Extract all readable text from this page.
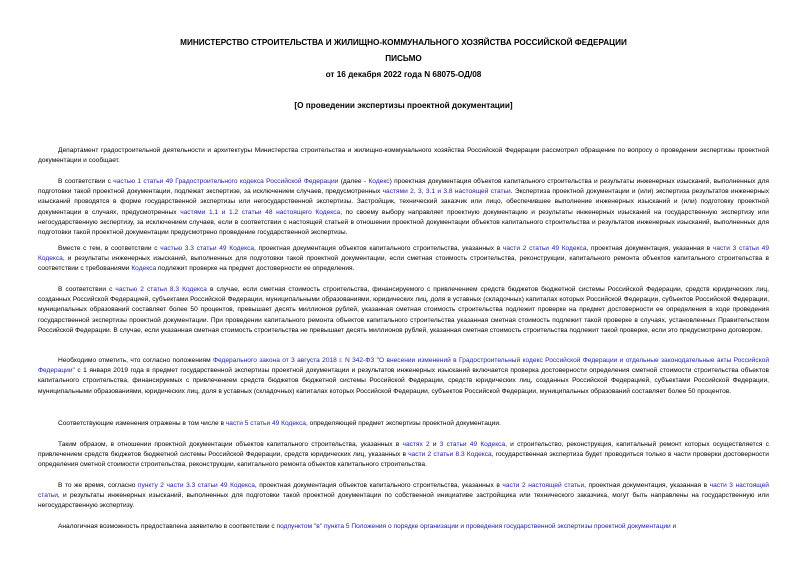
МИНИСТЕРСТВО СТРОИТЕЛЬСТВА И ЖИЛИЩНО-КОММУНАЛЬНОГО ХОЗЯЙСТВА РОССИЙСКОЙ ФЕДЕРАЦИИ
ПИСЬМО
от 16 декабря 2022 года N 68075-ОД/08
[О проведении экспертизы проектной документации]

Департамент градостроительной деятельности и архитектуры Министерства строительства и жилищно-коммунального хозяйства Российской Федерации рассмотрел обращение по вопросу о проведении экспертизы проектной документации и сообщает.

В соответствии с частью 1 статьи 49 Градостроительного кодекса Российской Федерации (далее - Кодекс) проектная документация объектов капитального строительства и результаты инженерных изысканий, выполненных для подготовки такой проектной документации, подлежат экспертизе, за исключением случаев, предусмотренных частями 2, 3, 3.1 и 3.8 настоящей статьи. Экспертиза проектной документации и (или) экспертиза результатов инженерных изысканий проводятся в форме государственной экспертизы или негосударственной экспертизы. Застройщик, технический заказчик или лицо, обеспечившее выполнение инженерных изысканий и (или) подготовку проектной документации в случаях, предусмотренных частями 1.1 и 1.2 статьи 48 настоящего Кодекса, по своему выбору направляет проектную документацию и результаты инженерных изысканий на государственную экспертизу или негосударственную экспертизу, за исключением случаев, если в соответствии с настоящей статьей в отношении проектной документации объектов капитального строительства и результатов инженерных изысканий, выполненных для подготовки такой проектной документации предусмотрено проведение государственной экспертизы.

Вместе с тем, в соответствии с частью 3.3 статьи 49 Кодекса, проектная документация объектов капитального строительства, указанных в части 2 статьи 49 Кодекса, проектная документация, указанная в части 3 статьи 49 Кодекса, и результаты инженерных изысканий, выполненных для подготовки такой проектной документации, если сметная стоимость строительства, реконструкции, капитального ремонта объектов капитального строительства в соответствии с требованиями Кодекса подлежит проверке на предмет достоверности ее определения.

В соответствии с частью 2 статьи 8.3 Кодекса в случае, если сметная стоимость строительства, финансируемого с привлечением средств бюджетов бюджетной системы Российской Федерации, средств юридических лиц, созданных Российской Федерацией, субъектами Российской Федерации, муниципальными образованиями, юридических лиц, доля в уставных (складочных) капиталах которых Российской Федерации, субъектов Российской Федерации, муниципальных образований составляет более 50 процентов, превышает десять миллионов рублей, указанная сметная стоимость строительства подлежит проверке на предмет достоверности ее определения в ходе проведения государственной экспертизы проектной документации. При проведении капитального ремонта объектов капитального строительства указанная сметная стоимость подлежит такой проверке в случаях, установленных Правительством Российской Федерации. В случае, если указанная сметная стоимость строительства не превышает десять миллионов рублей, указанная сметная стоимость строительства подлежит такой проверке, если это предусмотрено договором.

Необходимо отметить, что согласно положениям Федерального закона от 3 августа 2018 г. N 342-ФЗ "О внесении изменений в Градостроительный кодекс Российской Федерации и отдельные законодательные акты Российской Федерации" с 1 января 2019 года в предмет государственной экспертизы проектной документации и результатов инженерных изысканий включается проверка достоверности определения сметной стоимости строительства объектов капитального строительства, финансируемых с привлечением средств бюджетов бюджетной системы Российской Федерации, средств юридических лиц, созданных Российской Федерацией, субъектами Российской Федерации, муниципальными образованиями, юридических лиц, доля в уставных (складочных) капиталах которых Российской Федерации, субъектов Российской Федерации, муниципальных образований составляет более 50 процентов.

Соответствующие изменения отражены в том числе в части 5 статьи 49 Кодекса, определяющей предмет экспертизы проектной документации.

Таким образом, в отношении проектной документации объектов капитального строительства, указанных в частях 2 и 3 статьи 49 Кодекса, и строительство, реконструкция, капитальный ремонт которых осуществляется с привлечением средств бюджетов бюджетной системы Российской Федерации, средств юридических лиц, указанных в части 2 статьи 8.3 Кодекса, государственная экспертиза будет проводиться только в части проверки достоверности определения сметной стоимости строительства, реконструкции, капитального ремонта объектов капитального строительства.

В то же время, согласно пункту 2 части 3.3 статьи 49 Кодекса, проектная документация объектов капитального строительства, указанных в части 2 настоящей статьи, проектная документация, указанная в части 3 настоящей статьи, и результаты инженерных изысканий, выполненных для подготовки такой проектной документации по собственной инициативе застройщика или технического заказчика, могут быть направлены на государственную или негосударственную экспертизу.

Аналогичная возможность предоставлена заявителю в соответствии с подпунктом "в" пункта 5 Положения о порядке организации и проведения государственной экспертизы проектной документации и
